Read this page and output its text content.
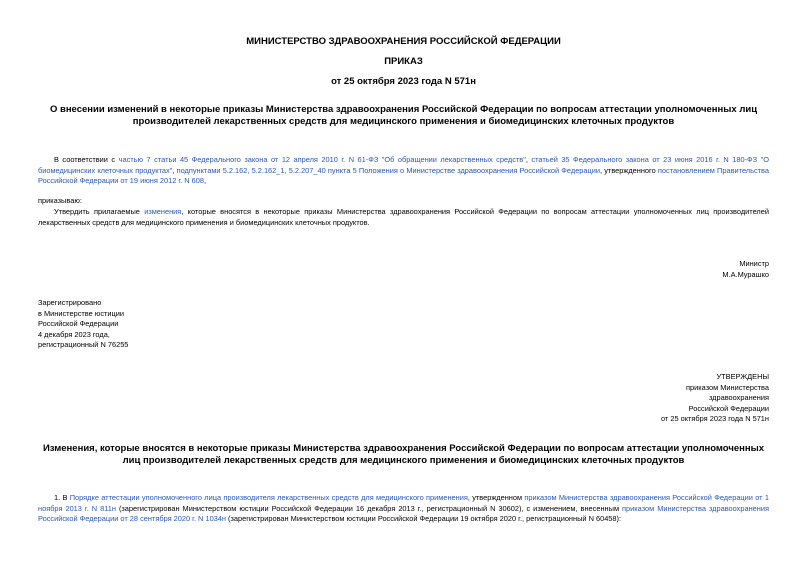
МИНИСТЕРСТВО ЗДРАВООХРАНЕНИЯ РОССИЙСКОЙ ФЕДЕРАЦИИ
ПРИКАЗ
от 25 октября 2023 года N 571н
О внесении изменений в некоторые приказы Министерства здравоохранения Российской Федерации по вопросам аттестации уполномоченных лиц производителей лекарственных средств для медицинского применения и биомедицинских клеточных продуктов
В соответствии с частью 7 статьи 45 Федерального закона от 12 апреля 2010 г. N 61-ФЗ "Об обращении лекарственных средств", статьей 35 Федерального закона от 23 июня 2016 г. N 180-ФЗ "О биомедицинских клеточных продуктах", подпунктами 5.2.162, 5.2.162_1, 5.2.207_40 пункта 5 Положения о Министерстве здравоохранения Российской Федерации, утвержденного постановлением Правительства Российской Федерации от 19 июня 2012 г. N 608,
приказываю:
Утвердить прилагаемые изменения, которые вносятся в некоторые приказы Министерства здравоохранения Российской Федерации по вопросам аттестации уполномоченных лиц производителей лекарственных средств для медицинского применения и биомедицинских клеточных продуктов.
Министр
М.А.Мурашко
Зарегистрировано
в Министерстве юстиции
Российской Федерации
4 декабря 2023 года,
регистрационный N 76255
УТВЕРЖДЕНЫ
приказом Министерства
здравоохранения
Российской Федерации
от 25 октября 2023 года N 571н
Изменения, которые вносятся в некоторые приказы Министерства здравоохранения Российской Федерации по вопросам аттестации уполномоченных лиц производителей лекарственных средств для медицинского применения и биомедицинских клеточных продуктов
1. В Порядке аттестации уполномоченного лица производителя лекарственных средств для медицинского применения, утвержденном приказом Министерства здравоохранения Российской Федерации от 1 ноября 2013 г. N 811н (зарегистрирован Министерством юстиции Российской Федерации 16 декабря 2013 г., регистрационный N 30602), с изменением, внесенным приказом Министерства здравоохранения Российской Федерации от 28 сентября 2020 г. N 1034н (зарегистрирован Министерством юстиции Российской Федерации 19 октября 2020 г., регистрационный N 60458):
